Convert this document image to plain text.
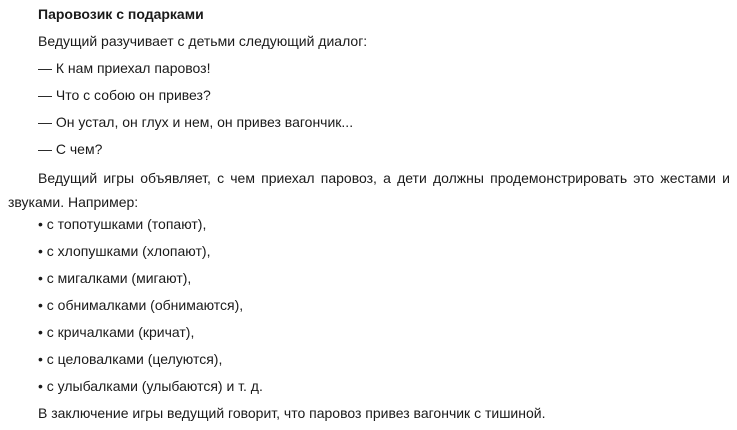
Паровозик с подарками
Ведущий разучивает с детьми следующий диалог:
— К нам приехал паровоз!
— Что с собою он привез?
— Он устал, он глух и нем, он привез вагончик...
— С чем?
Ведущий игры объявляет, с чем приехал паровоз, а дети должны продемонстрировать это жестами и звуками. Например:
• с топотушками (топают),
• с хлопушками (хлопают),
• с мигалками (мигают),
• с обнималками (обнимаются),
• с кричалками (кричат),
• с целовалками (целуются),
• с улыбалками (улыбаются) и т. д.
В заключение игры ведущий говорит, что паровоз привез вагончик с тишиной.
